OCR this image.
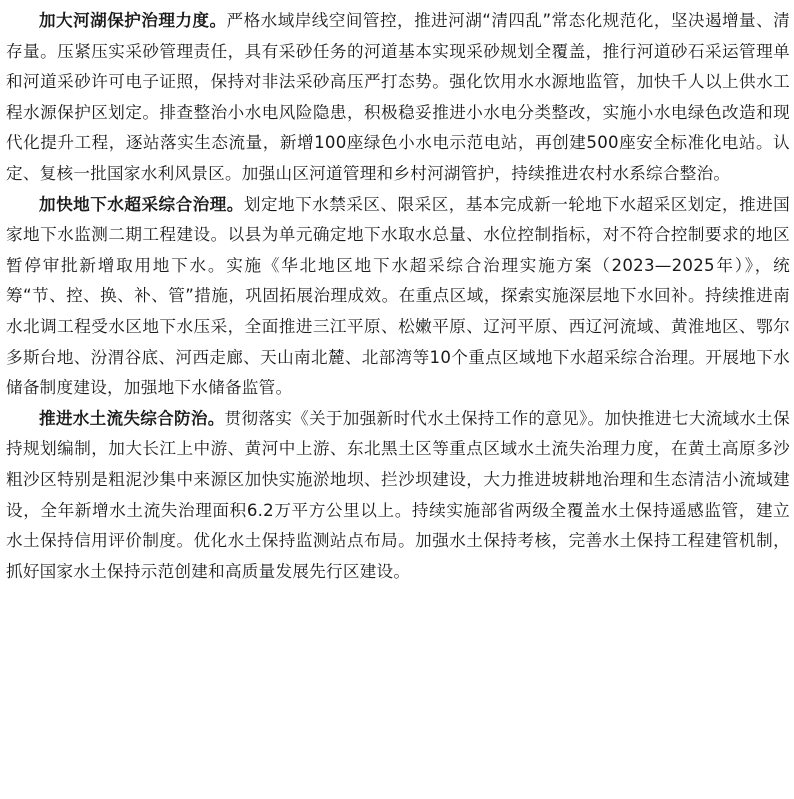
加大河湖保护治理力度。严格水域岸线空间管控，推进河湖“清四乱”常态化规范化，坚决遏增量、清存量。压紧压实采砂管理责任，具有采砂任务的河道基本实现采砂规划全覆盖，推行河道砂石采运管理单和河道采砂许可电子证照，保持对非法采砂高压严打态势。强化饮用水水源地监管，加快千人以上供水工程水源保护区划定。排查整治小水电风险隐患，积极稳妥推进小水电分类整改，实施小水电绿色改造和现代化提升工程，逐站落实生态流量，新增100座绿色小水电示范电站，再创建500座安全标准化电站。认定、复核一批国家水利风景区。加强山区河道管理和乡村河湖管护，持续推进农村水系综合整治。

加快地下水超采综合治理。划定地下水禁采区、限采区，基本完成新一轮地下水超采区划定，推进国家地下水监测二期工程建设。以县为单元确定地下水取水总量、水位控制指标，对不符合控制要求的地区暂停审批新增取用地下水。实施《华北地区地下水超采综合治理实施方案（2023—2025年）》，统筹“节、控、换、补、管”措施，巩固拓展治理成效。在重点区域，探索实施深层地下水回补。持续推进南水北调工程受水区地下水压采，全面推进三江平原、松嫩平原、辽河平原、西辽河流域、黄淮地区、鄂尔多斯台地、汾渭谷底、河西走廊、天山南北麓、北部湾等10个重点区域地下水超采综合治理。开展地下水储备制度建设，加强地下水储备监管。

推进水土流失综合防治。贯彻落实《关于加强新时代水土保持工作的意见》。加快推进七大流域水土保持规划编制，加大长江上中游、黄河中上游、东北黑土区等重点区域水土流失治理力度，在黄土高原多沙粗沙区特别是粗泥沙集中来源区加快实施淤地坝、拦沙坝建设，大力推进坡耕地治理和生态清洁小流域建设，全年新增水土流失治理面积6.2万平方公里以上。持续实施部省两级全覆盖水土保持遥感监管，建立水土保持信用评价制度。优化水土保持监测站点布局。加强水土保持考核，完善水土保持工程建管机制，抓好国家水土保持示范创建和高质量发展先行区建设。
